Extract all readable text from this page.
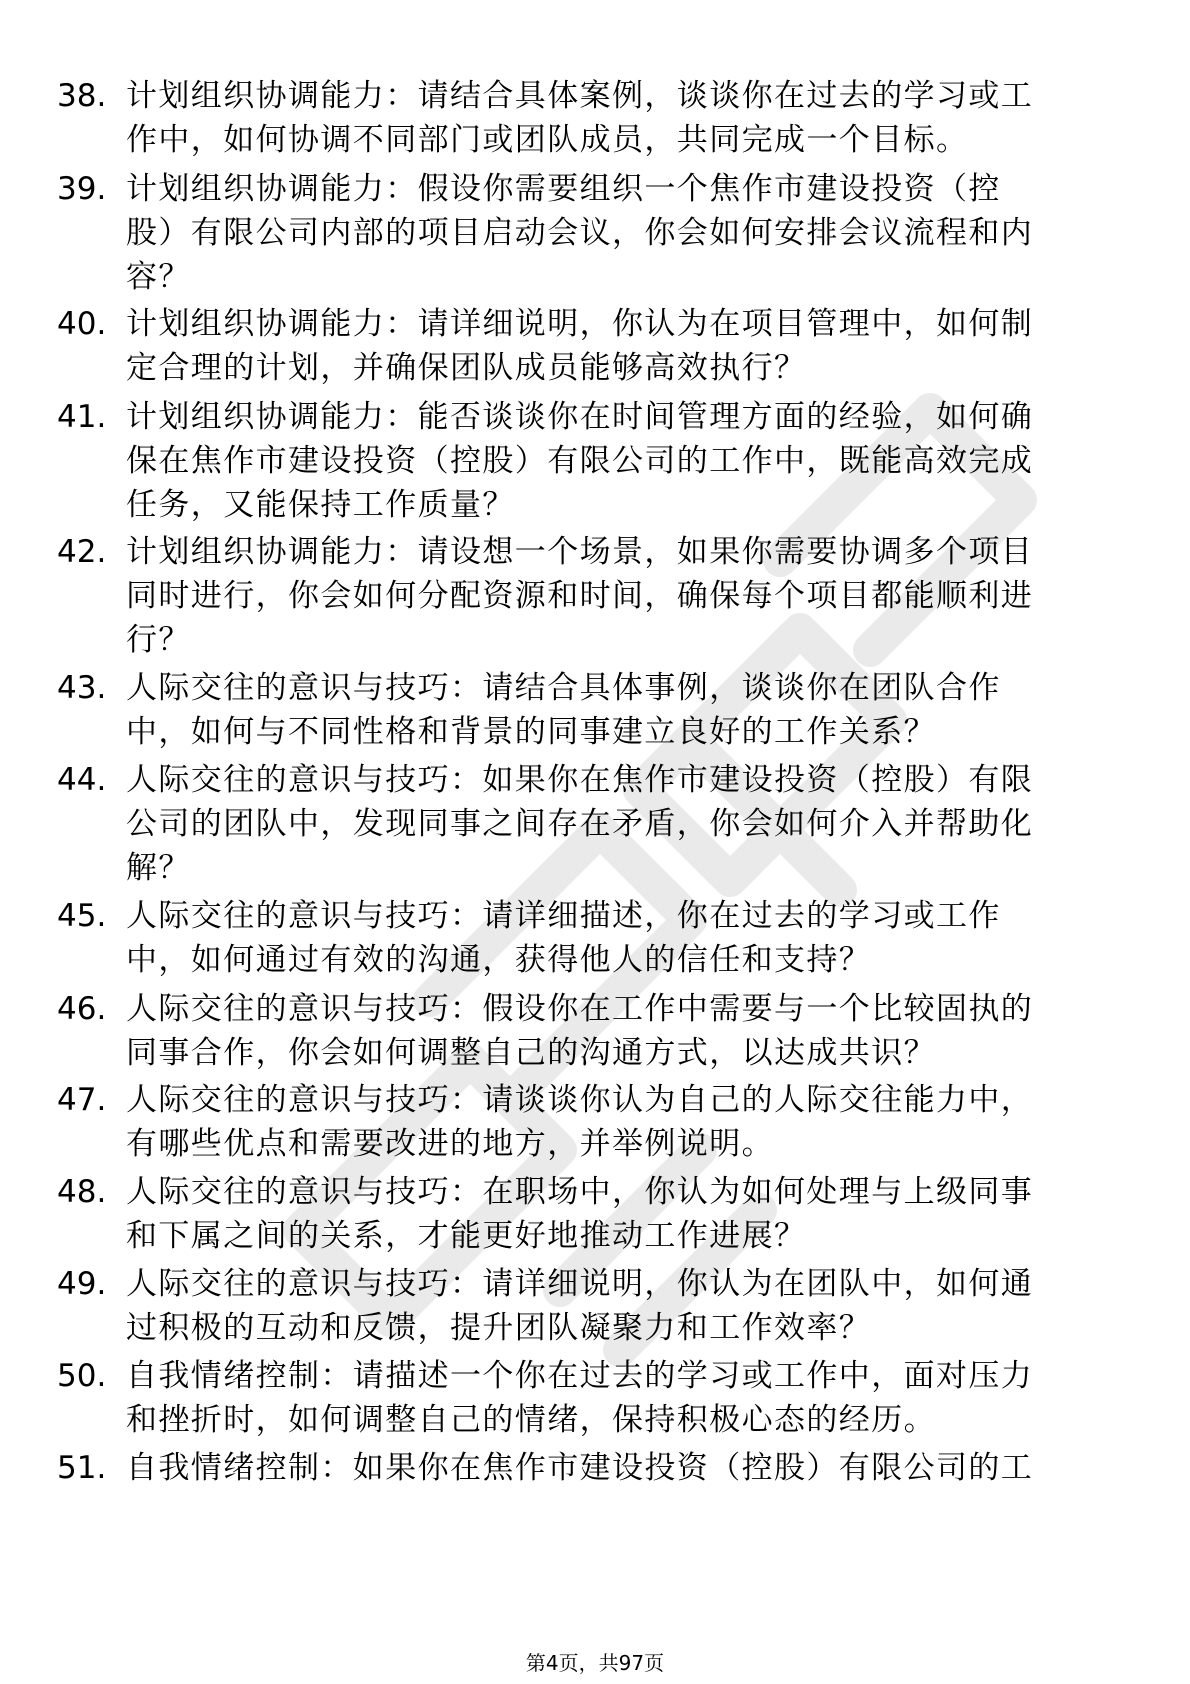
38. 计划组织协调能力：请结合具体案例，谈谈你在过去的学习或工
作中，如何协调不同部门或团队成员，共同完成一个目标。
39. 计划组织协调能力：假设你需要组织一个焦作市建设投资（控
股）有限公司内部的项目启动会议，你会如何安排会议流程和内
容？
40. 计划组织协调能力：请详细说明，你认为在项目管理中，如何制
定合理的计划，并确保团队成员能够高效执行？
41. 计划组织协调能力：能否谈谈你在时间管理方面的经验，如何确
保在焦作市建设投资（控股）有限公司的工作中，既能高效完成
任务，又能保持工作质量？
42. 计划组织协调能力：请设想一个场景，如果你需要协调多个项目
同时进行，你会如何分配资源和时间，确保每个项目都能顺利进
行？
43. 人际交往的意识与技巧：请结合具体事例，谈谈你在团队合作
中，如何与不同性格和背景的同事建立良好的工作关系？
44. 人际交往的意识与技巧：如果你在焦作市建设投资（控股）有限
公司的团队中，发现同事之间存在矛盾，你会如何介入并帮助化
解？
45. 人际交往的意识与技巧：请详细描述，你在过去的学习或工作
中，如何通过有效的沟通，获得他人的信任和支持？
46. 人际交往的意识与技巧：假设你在工作中需要与一个比较固执的
同事合作，你会如何调整自己的沟通方式，以达成共识？
47. 人际交往的意识与技巧：请谈谈你认为自己的人际交往能力中，
有哪些优点和需要改进的地方，并举例说明。
48. 人际交往的意识与技巧：在职场中，你认为如何处理与上级同事
和下属之间的关系，才能更好地推动工作进展？
49. 人际交往的意识与技巧：请详细说明，你认为在团队中，如何通
过积极的互动和反馈，提升团队凝聚力和工作效率？
50. 自我情绪控制：请描述一个你在过去的学习或工作中，面对压力
和挫折时，如何调整自己的情绪，保持积极心态的经历。
51. 自我情绪控制：如果你在焦作市建设投资（控股）有限公司的工
第4页，共97页
